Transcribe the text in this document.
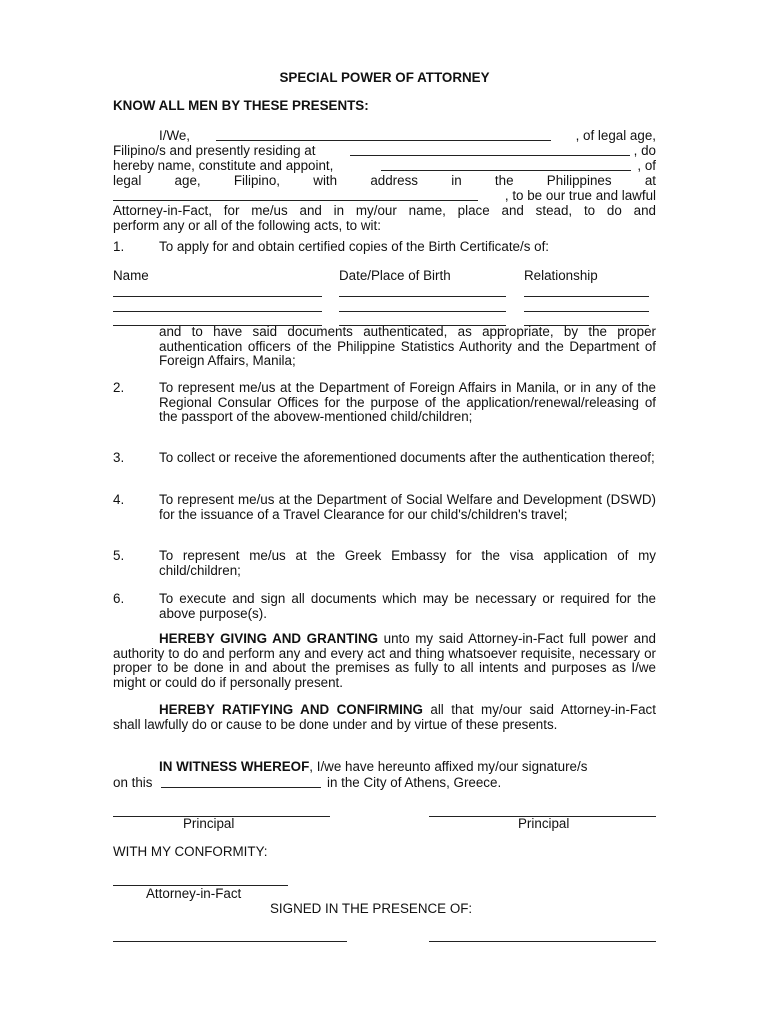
SPECIAL POWER OF ATTORNEY
KNOW ALL MEN BY THESE PRESENTS:
I/We,	, of legal age,
Filipino/s and presently residing at	, do
hereby name, constitute and appoint,	, of
legal age, Filipino, with address in the Philippines at
, to be our true and lawful
Attorney-in-Fact, for me/us and in my/our name, place and stead, to do and
perform any or all of the following acts, to wit:
1.	To apply for and obtain certified copies of the Birth Certificate/s of:
Name	Date/Place of Birth	Relationship
and to have said documents authenticated, as appropriate, by the proper authentication officers of the Philippine Statistics Authority and the Department of Foreign Affairs, Manila;
2.	To represent me/us at the Department of Foreign Affairs in Manila, or in any of the Regional Consular Offices for the purpose of the application/renewal/releasing of the passport of the abovew-mentioned child/children;
3.	To collect or receive the aforementioned documents after the authentication thereof;
4.	To represent me/us at the Department of Social Welfare and Development (DSWD) for the issuance of a Travel Clearance for our child's/children's travel;
5.	To represent me/us at the Greek Embassy for the visa application of my child/children;
6.	To execute and sign all documents which may be necessary or required for the above purpose(s).
HEREBY GIVING AND GRANTING unto my said Attorney-in-Fact full power and authority to do and perform any and every act and thing whatsoever requisite, necessary or proper to be done in and about the premises as fully to all intents and purposes as I/we might or could do if personally present.
HEREBY RATIFYING AND CONFIRMING all that my/our said Attorney-in-Fact shall lawfully do or cause to be done under and by virtue of these presents.
IN WITNESS WHEREOF, I/we have hereunto affixed my/our signature/s
on this	in the City of Athens, Greece.
Principal	Principal
WITH MY CONFORMITY:
Attorney-in-Fact
SIGNED IN THE PRESENCE OF:
